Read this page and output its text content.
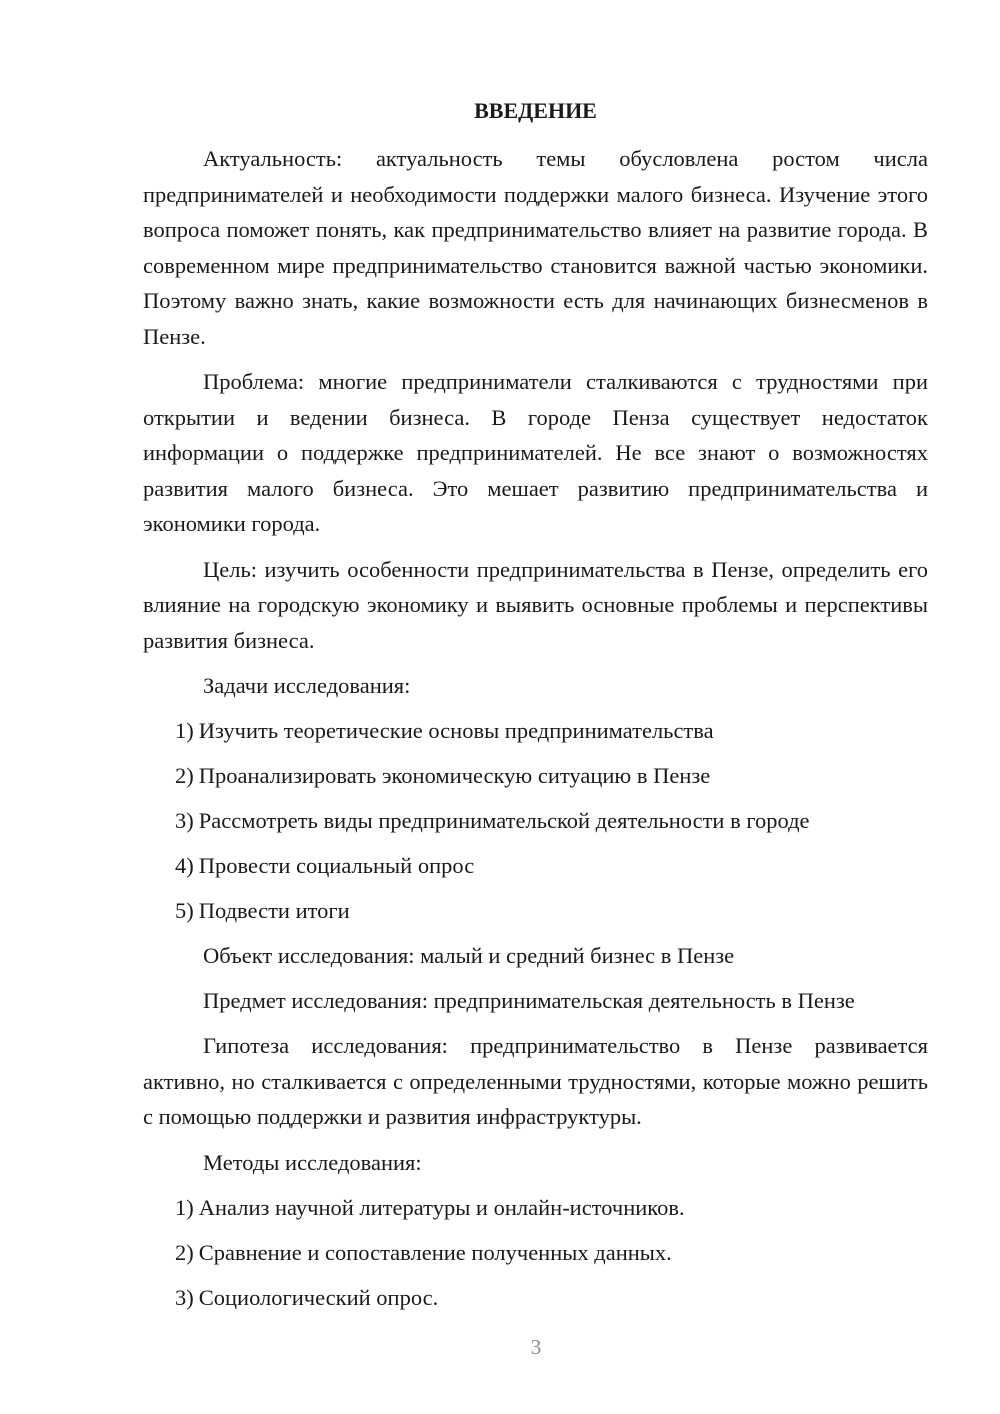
ВВЕДЕНИЕ

Актуальность: актуальность темы обусловлена ростом числа предпринимателей и необходимости поддержки малого бизнеса. Изучение этого вопроса поможет понять, как предпринимательство влияет на развитие города. В современном мире предпринимательство становится важной частью экономики. Поэтому важно знать, какие возможности есть для начинающих бизнесменов в Пензе.

Проблема: многие предприниматели сталкиваются с трудностями при открытии и ведении бизнеса. В городе Пенза существует недостаток информации о поддержке предпринимателей. Не все знают о возможностях развития малого бизнеса. Это мешает развитию предпринимательства и экономики города.

Цель: изучить особенности предпринимательства в Пензе, определить его влияние на городскую экономику и выявить основные проблемы и перспективы развития бизнеса.

Задачи исследования:
1) Изучить теоретические основы предпринимательства
2) Проанализировать экономическую ситуацию в Пензе
3) Рассмотреть виды предпринимательской деятельности в городе
4) Провести социальный опрос
5) Подвести итоги
Объект исследования: малый и средний бизнес в Пензе
Предмет исследования: предпринимательская деятельность в Пензе

Гипотеза исследования: предпринимательство в Пензе развивается активно, но сталкивается с определенными трудностями, которые можно решить с помощью поддержки и развития инфраструктуры.

Методы исследования:
1) Анализ научной литературы и онлайн-источников.
2) Сравнение и сопоставление полученных данных.
3) Социологический опрос.
3
